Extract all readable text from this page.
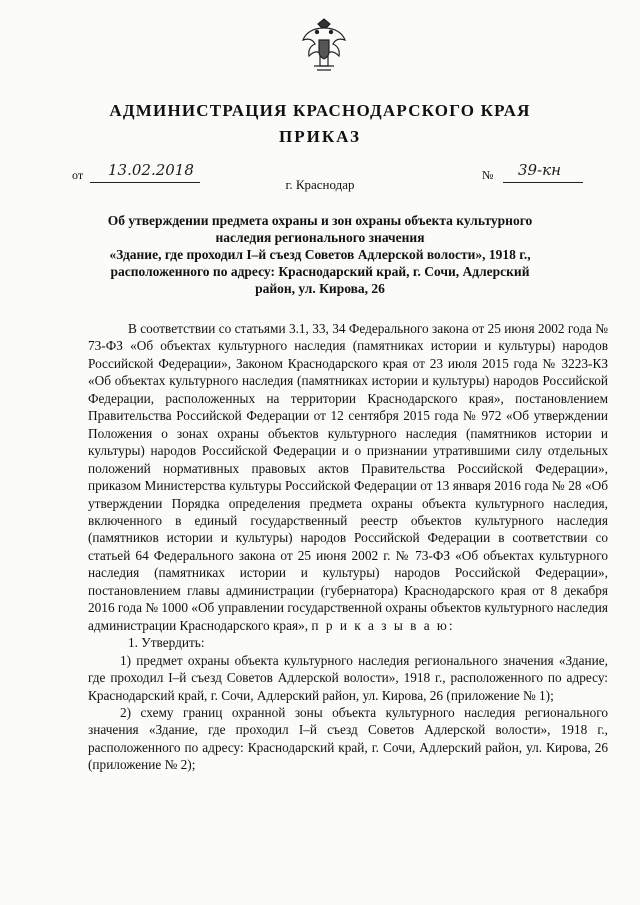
АДМИНИСТРАЦИЯ КРАСНОДАРСКОГО КРАЯ
ПРИКАЗ
от 13.02.2018	№ 39-кн
г. Краснодар
Об утверждении предмета охраны и зон охраны объекта культурного
наследия регионального значения
«Здание, где проходил I–й съезд Советов Адлерской волости», 1918 г.,
расположенного по адресу: Краснодарский край, г. Сочи, Адлерский
район, ул. Кирова, 26

В соответствии со статьями 3.1, 33, 34 Федерального закона от 25 июня 2002 года № 73-ФЗ «Об объектах культурного наследия (памятниках истории и культуры) народов Российской Федерации», Законом Краснодарского края от 23 июля 2015 года № 3223-КЗ «Об объектах культурного наследия (памятниках истории и культуры) народов Российской Федерации, расположенных на территории Краснодарского края», постановлением Правительства Российской Федерации от 12 сентября 2015 года № 972 «Об утверждении Положения о зонах охраны объектов культурного наследия (памятников истории и культуры) народов Российской Федерации и о признании утратившими силу отдельных положений нормативных правовых актов Правительства Российской Федерации», приказом Министерства культуры Российской Федерации от 13 января 2016 года № 28 «Об утверждении Порядка определения предмета охраны объекта культурного наследия, включенного в единый государственный реестр объектов культурного наследия (памятников истории и культуры) народов Российской Федерации в соответствии со статьей 64 Федерального закона от 25 июня 2002 г. № 73-ФЗ «Об объектах культурного наследия (памятниках истории и культуры) народов Российской Федерации», постановлением главы администрации (губернатора) Краснодарского края от 8 декабря 2016 года № 1000 «Об управлении государственной охраны объектов культурного наследия администрации Краснодарского края», п р и к а з ы в а ю:

1. Утвердить:

1) предмет охраны объекта культурного наследия регионального значения «Здание, где проходил I–й съезд Советов Адлерской волости», 1918 г., расположенного по адресу: Краснодарский край, г. Сочи, Адлерский район, ул. Кирова, 26 (приложение № 1);

2) схему границ охранной зоны объекта культурного наследия регионального значения «Здание, где проходил I–й съезд Советов Адлерской волости», 1918 г., расположенного по адресу: Краснодарский край, г. Сочи, Адлерский район, ул. Кирова, 26 (приложение № 2);
